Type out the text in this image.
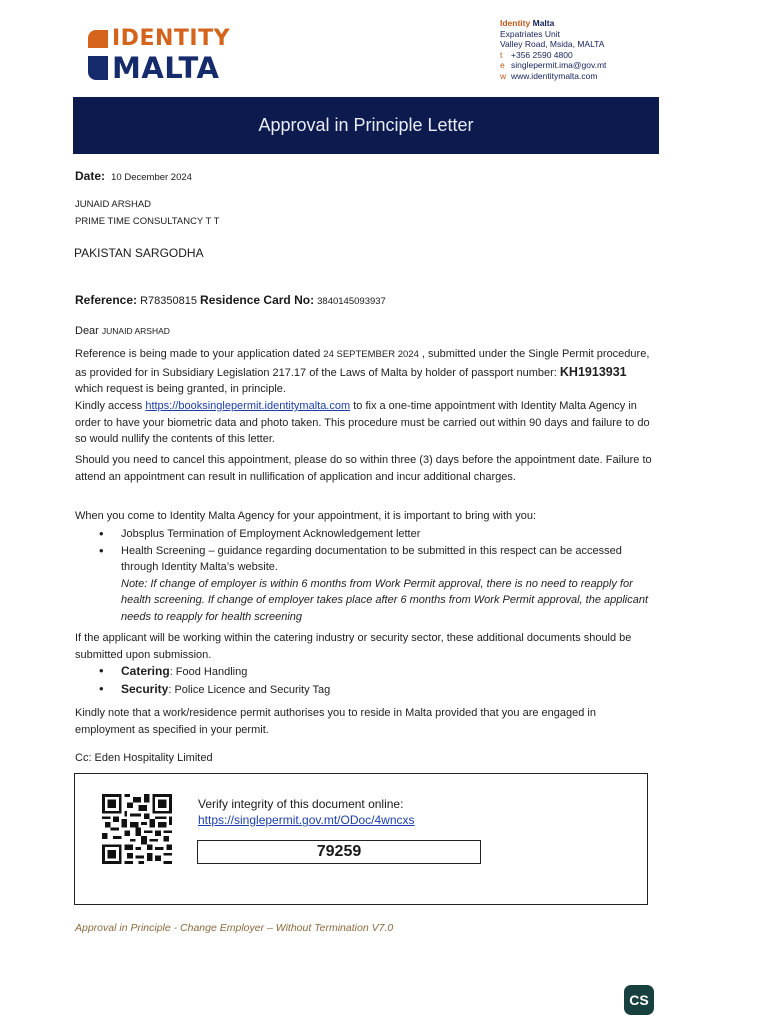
IDENTITY
MALTA
Identity Malta
Expatriates Unit
Valley Road, Msida, MALTA
t +356 2590 4800
e singlepermit.ima@gov.mt
w www.identitymalta.com
Approval in Principle Letter
Date: 10 December 2024
JUNAID ARSHAD
PRIME TIME CONSULTANCY T T
PAKISTAN SARGODHA
Reference: R78350815 Residence Card No: 3840145093937
Dear JUNAID ARSHAD
Reference is being made to your application dated 24 SEPTEMBER 2024 , submitted under the Single Permit procedure, as provided for in Subsidiary Legislation 217.17 of the Laws of Malta by holder of passport number: KH1913931 which request is being granted, in principle.
Kindly access https://booksinglepermit.identitymalta.com to fix a one-time appointment with Identity Malta Agency in order to have your biometric data and photo taken. This procedure must be carried out within 90 days and failure to do so would nullify the contents of this letter.
Should you need to cancel this appointment, please do so within three (3) days before the appointment date. Failure to attend an appointment can result in nullification of application and incur additional charges.
When you come to Identity Malta Agency for your appointment, it is important to bring with you:
• Jobsplus Termination of Employment Acknowledgement letter
• Health Screening – guidance regarding documentation to be submitted in this respect can be accessed through Identity Malta’s website.
Note: If change of employer is within 6 months from Work Permit approval, there is no need to reapply for health screening. If change of employer takes place after 6 months from Work Permit approval, the applicant needs to reapply for health screening
If the applicant will be working within the catering industry or security sector, these additional documents should be submitted upon submission.
• Catering: Food Handling
• Security: Police Licence and Security Tag
Kindly note that a work/residence permit authorises you to reside in Malta provided that you are engaged in employment as specified in your permit.
Cc: Eden Hospitality Limited
Verify integrity of this document online:
https://singlepermit.gov.mt/ODoc/4wncxs
79259
Approval in Principle - Change Employer – Without Termination V7.0
CS
